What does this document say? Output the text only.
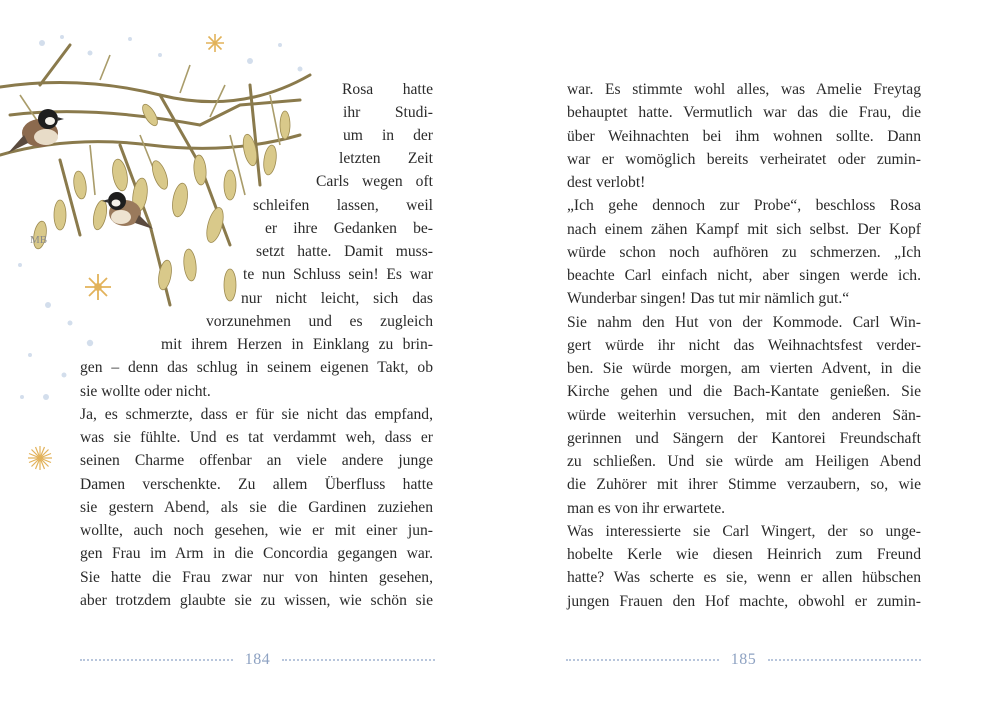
MB
Rosa hatte
ihr Studi-
um in der
letzten Zeit
Carls wegen oft
schleifen lassen, weil
er ihre Gedanken be-
setzt hatte. Damit muss-
te nun Schluss sein! Es war
nur nicht leicht, sich das
vorzunehmen und es zugleich
mit ihrem Herzen in Einklang zu brin-
gen – denn das schlug in seinem eigenen Takt, ob
sie wollte oder nicht.
Ja, es schmerzte, dass er für sie nicht das empfand,
was sie fühlte. Und es tat verdammt weh, dass er
seinen Charme offenbar an viele andere junge
Damen verschenkte. Zu allem Überfluss hatte
sie gestern Abend, als sie die Gardinen zuziehen
wollte, auch noch gesehen, wie er mit einer jun-
gen Frau im Arm in die Concordia gegangen war.
Sie hatte die Frau zwar nur von hinten gesehen,
aber trotzdem glaubte sie zu wissen, wie schön sie
184
war. Es stimmte wohl alles, was Amelie Freytag
behauptet hatte. Vermutlich war das die Frau, die
über Weihnachten bei ihm wohnen sollte. Dann
war er womöglich bereits verheiratet oder zumin-
dest verlobt!
„Ich gehe dennoch zur Probe“, beschloss Rosa
nach einem zähen Kampf mit sich selbst. Der Kopf
würde schon noch aufhören zu schmerzen. „Ich
beachte Carl einfach nicht, aber singen werde ich.
Wunderbar singen! Das tut mir nämlich gut.“
Sie nahm den Hut von der Kommode. Carl Win-
gert würde ihr nicht das Weihnachtsfest verder-
ben. Sie würde morgen, am vierten Advent, in die
Kirche gehen und die Bach-Kantate genießen. Sie
würde weiterhin versuchen, mit den anderen Sän-
gerinnen und Sängern der Kantorei Freundschaft
zu schließen. Und sie würde am Heiligen Abend
die Zuhörer mit ihrer Stimme verzaubern, so, wie
man es von ihr erwartete.
Was interessierte sie Carl Wingert, der so unge-
hobelte Kerle wie diesen Heinrich zum Freund
hatte? Was scherte es sie, wenn er allen hübschen
jungen Frauen den Hof machte, obwohl er zumin-
185
